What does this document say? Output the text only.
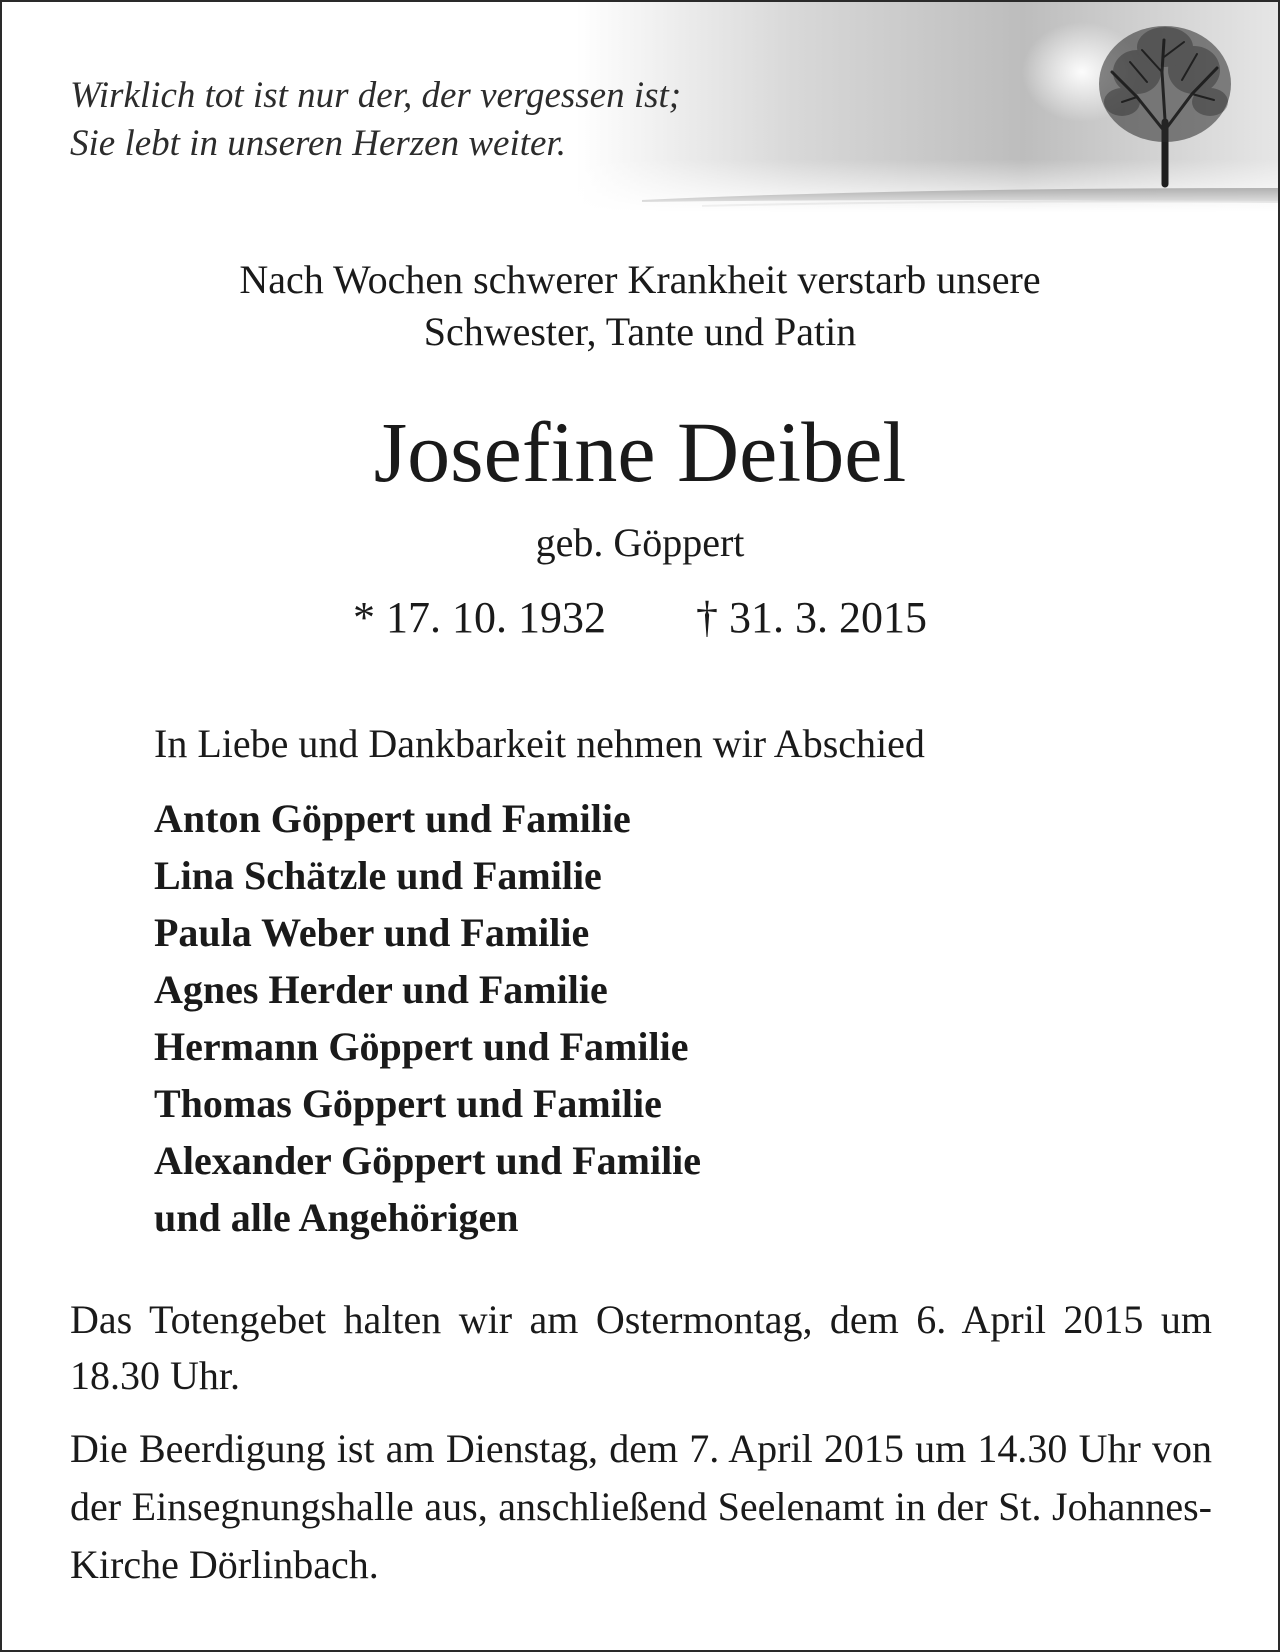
Wirklich tot ist nur der, der vergessen ist;
Sie lebt in unseren Herzen weiter.
Nach Wochen schwerer Krankheit verstarb unsere
Schwester, Tante und Patin
Josefine Deibel
geb. Göppert
* 17. 10. 1932 † 31. 3. 2015
In Liebe und Dankbarkeit nehmen wir Abschied
Anton Göppert und Familie
Lina Schätzle und Familie
Paula Weber und Familie
Agnes Herder und Familie
Hermann Göppert und Familie
Thomas Göppert und Familie
Alexander Göppert und Familie
und alle Angehörigen
Das Totengebet halten wir am Ostermontag, dem 6. April 2015 um 18.30 Uhr.
Die Beerdigung ist am Dienstag, dem 7. April 2015 um 14.30 Uhr von der Einsegnungshalle aus, anschließend Seelenamt in der St. Johannes-Kirche Dörlinbach.
